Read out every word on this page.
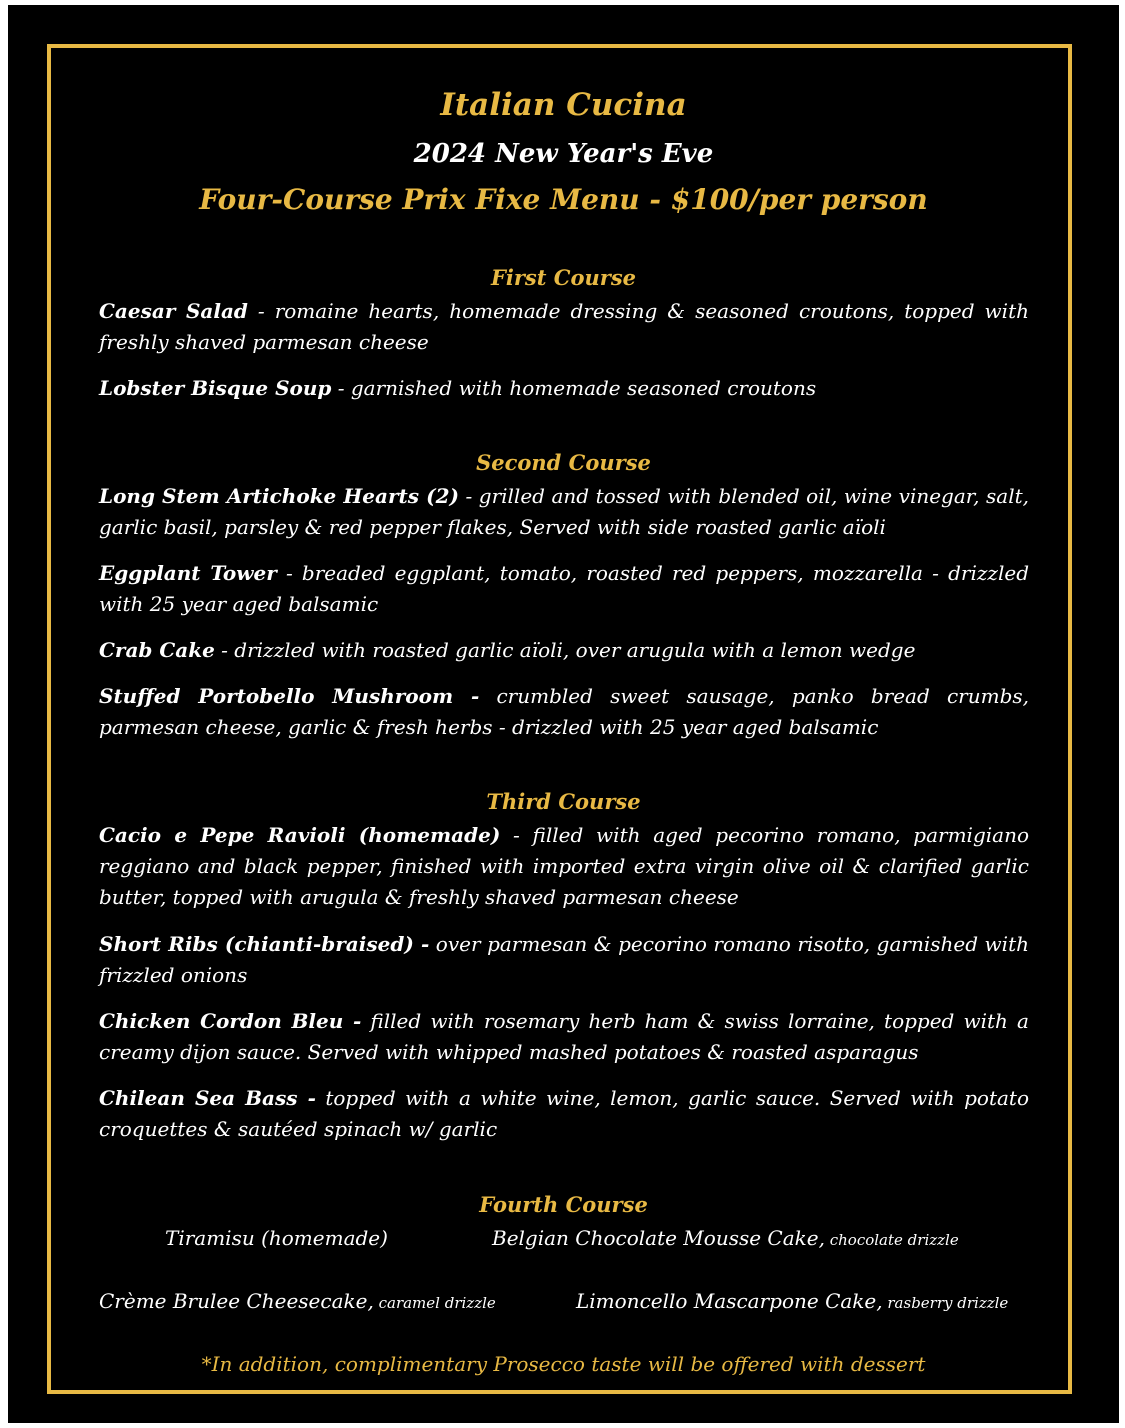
Italian Cucina
2024 New Year's Eve
Four-Course Prix Fixe Menu - $100/per person
First Course
Caesar Salad - romaine hearts, homemade dressing & seasoned croutons, topped with freshly shaved parmesan cheese
Lobster Bisque Soup - garnished with homemade seasoned croutons
Second Course
Long Stem Artichoke Hearts (2) - grilled and tossed with blended oil, wine vinegar, salt, garlic basil, parsley & red pepper flakes, Served with side roasted garlic aïoli
Eggplant Tower - breaded eggplant, tomato, roasted red peppers, mozzarella - drizzled with 25 year aged balsamic
Crab Cake - drizzled with roasted garlic aïoli, over arugula with a lemon wedge
Stuffed Portobello Mushroom - crumbled sweet sausage, panko bread crumbs, parmesan cheese, garlic & fresh herbs - drizzled with 25 year aged balsamic
Third Course
Cacio e Pepe Ravioli (homemade) - filled with aged pecorino romano, parmigiano reggiano and black pepper, finished with imported extra virgin olive oil & clarified garlic butter, topped with arugula & freshly shaved parmesan cheese
Short Ribs (chianti-braised) - over parmesan & pecorino romano risotto, garnished with frizzled onions
Chicken Cordon Bleu - filled with rosemary herb ham & swiss lorraine, topped with a creamy dijon sauce. Served with whipped mashed potatoes & roasted asparagus
Chilean Sea Bass - topped with a white wine, lemon, garlic sauce. Served with potato croquettes & sautéed spinach w/ garlic
Fourth Course
Tiramisu (homemade)	Belgian Chocolate Mousse Cake, chocolate drizzle
Crème Brulee Cheesecake, caramel drizzle	Limoncello Mascarpone Cake, rasberry drizzle
*In addition, complimentary Prosecco taste will be offered with dessert
